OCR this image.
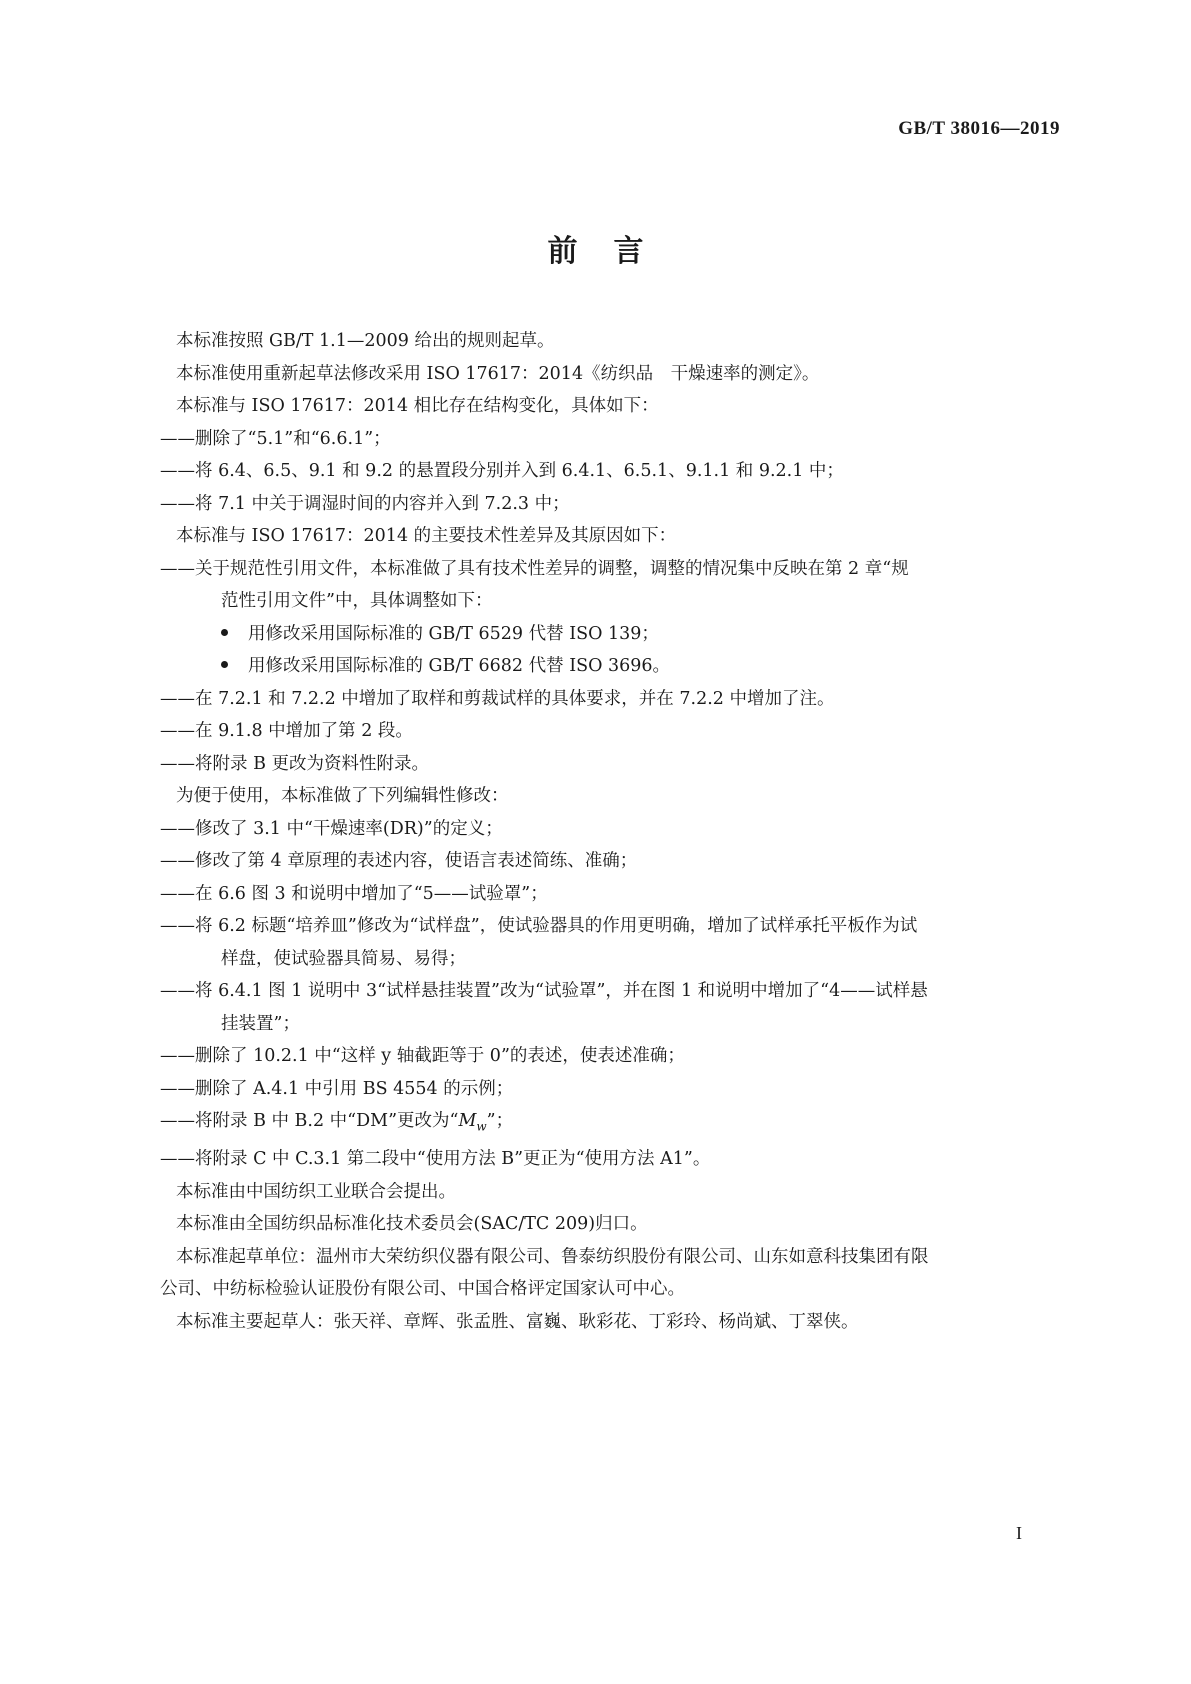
GB/T 38016—2019
前言

本标准按照 GB/T 1.1—2009 给出的规则起草。

本标准使用重新起草法修改采用 ISO 17617：2014《纺织品　干燥速率的测定》。

本标准与 ISO 17617：2014 相比存在结构变化，具体如下：

——删除了“5.1”和“6.6.1”；

——将 6.4、6.5、9.1 和 9.2 的悬置段分别并入到 6.4.1、6.5.1、9.1.1 和 9.2.1 中；

——将 7.1 中关于调湿时间的内容并入到 7.2.3 中；

本标准与 ISO 17617：2014 的主要技术性差异及其原因如下：

——关于规范性引用文件，本标准做了具有技术性差异的调整，调整的情况集中反映在第 2 章“规

范性引用文件”中，具体调整如下：

用修改采用国际标准的 GB/T 6529 代替 ISO 139；

用修改采用国际标准的 GB/T 6682 代替 ISO 3696。

——在 7.2.1 和 7.2.2 中增加了取样和剪裁试样的具体要求，并在 7.2.2 中增加了注。

——在 9.1.8 中增加了第 2 段。

——将附录 B 更改为资料性附录。

为便于使用，本标准做了下列编辑性修改：

——修改了 3.1 中“干燥速率(DR)”的定义；

——修改了第 4 章原理的表述内容，使语言表述简练、准确；

——在 6.6 图 3 和说明中增加了“5——试验罩”；

——将 6.2 标题“培养皿”修改为“试样盘”，使试验器具的作用更明确，增加了试样承托平板作为试

样盘，使试验器具简易、易得；

——将 6.4.1 图 1 说明中 3“试样悬挂装置”改为“试验罩”，并在图 1 和说明中增加了“4——试样悬

挂装置”；

——删除了 10.2.1 中“这样 y 轴截距等于 0”的表述，使表述准确；

——删除了 A.4.1 中引用 BS 4554 的示例；

——将附录 B 中 B.2 中“DM”更改为“$M_w$”；

——将附录 C 中 C.3.1 第二段中“使用方法 B”更正为“使用方法 A1”。

本标准由中国纺织工业联合会提出。

本标准由全国纺织品标准化技术委员会(SAC/TC 209)归口。

本标准起草单位：温州市大荣纺织仪器有限公司、鲁泰纺织股份有限公司、山东如意科技集团有限

公司、中纺标检验认证股份有限公司、中国合格评定国家认可中心。

本标准主要起草人：张天祥、章辉、张孟胜、富巍、耿彩花、丁彩玲、杨尚斌、丁翠侠。

I
